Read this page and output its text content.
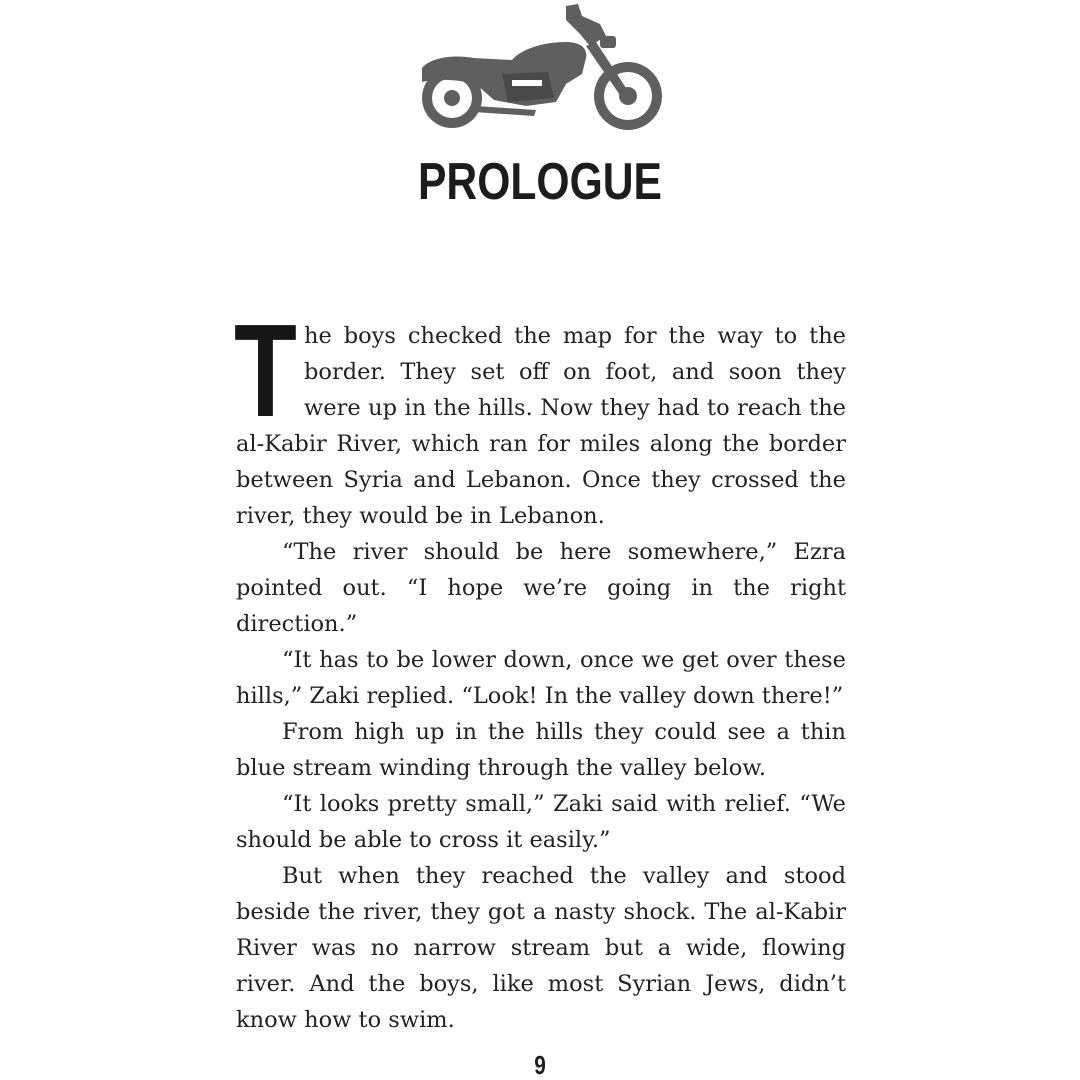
PROLOGUE

The boys checked the map for the way to the border. They set off on foot, and soon they were up in the hills. Now they had to reach the al-Kabir River, which ran for miles along the border between Syria and Lebanon. Once they crossed the river, they would be in Lebanon.

“The river should be here somewhere,” Ezra pointed out. “I hope we’re going in the right direction.”

“It has to be lower down, once we get over these hills,” Zaki replied. “Look! In the valley down there!”

From high up in the hills they could see a thin blue stream winding through the valley below.

“It looks pretty small,” Zaki said with relief. “We should be able to cross it easily.”

But when they reached the valley and stood beside the river, they got a nasty shock. The al-Kabir River was no narrow stream but a wide, flowing river. And the boys, like most Syrian Jews, didn’t know how to swim.

9
